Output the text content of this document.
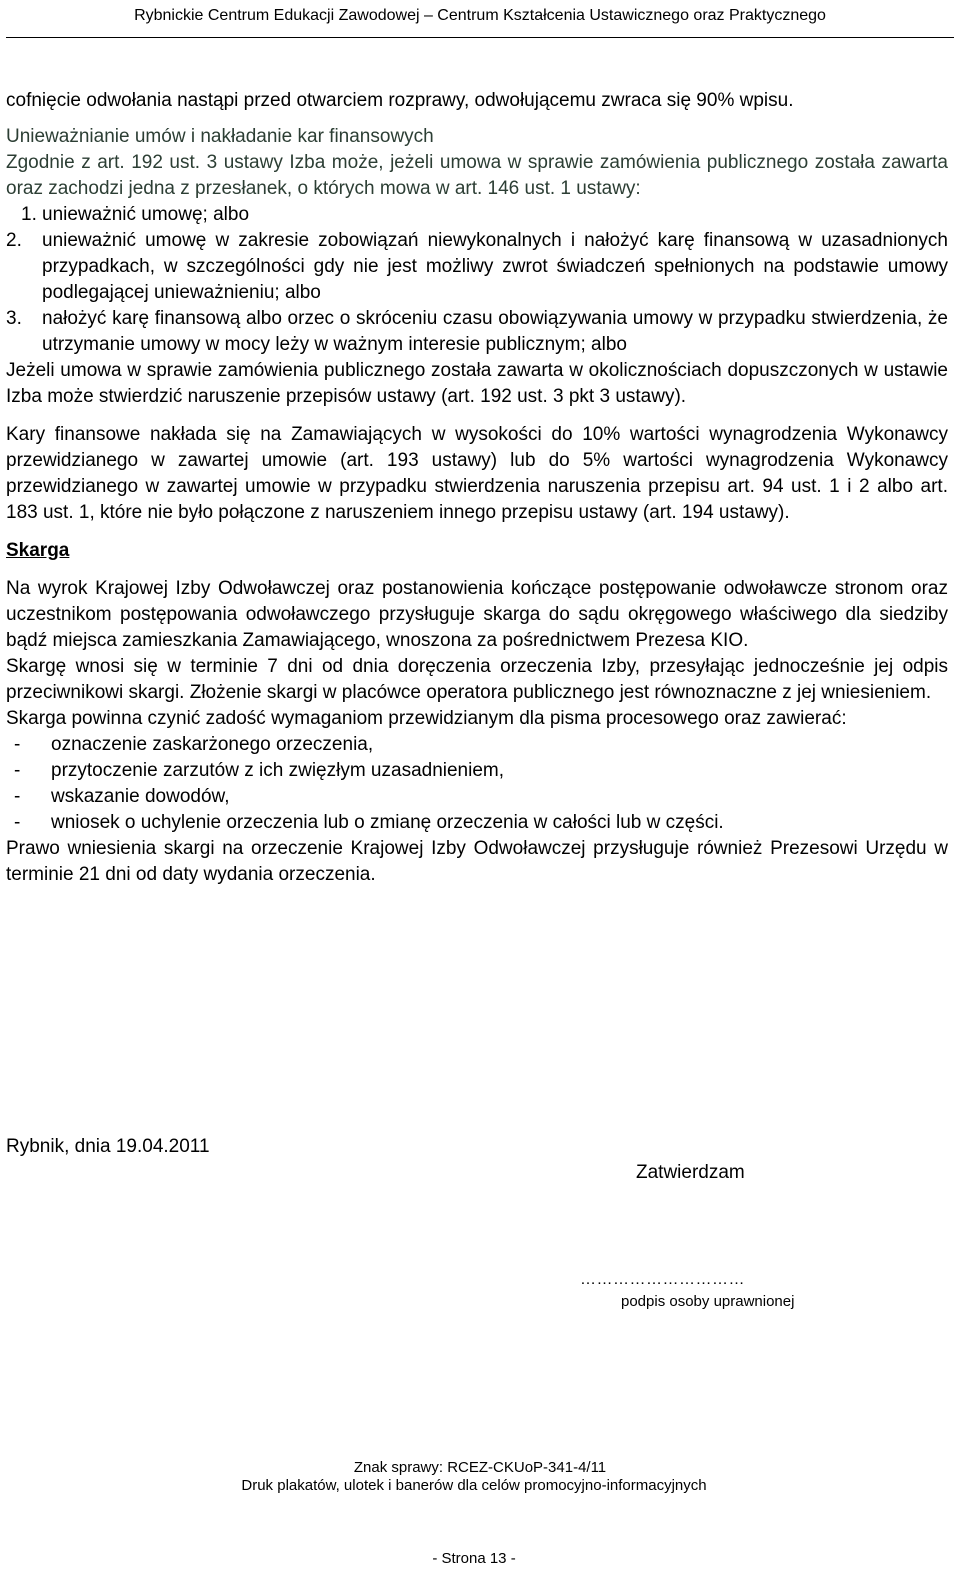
Rybnickie Centrum Edukacji Zawodowej – Centrum Kształcenia Ustawicznego oraz Praktycznego

cofnięcie odwołania nastąpi przed otwarciem rozprawy, odwołującemu zwraca się 90% wpisu.

Unieważnianie umów i nakładanie kar finansowych

Zgodnie z art. 192 ust. 3 ustawy Izba może, jeżeli umowa w sprawie zamówienia publicznego została zawarta oraz zachodzi jedna z przesłanek, o których mowa w art. 146 ust. 1 ustawy:

1. unieważnić umowę; albo
2. unieważnić umowę w zakresie zobowiązań niewykonalnych i nałożyć karę finansową w uzasadnionych przypadkach, w szczególności gdy nie jest możliwy zwrot świadczeń spełnionych na podstawie umowy podlegającej unieważnieniu; albo
3. nałożyć karę finansową albo orzec o skróceniu czasu obowiązywania umowy w przypadku stwierdzenia, że utrzymanie umowy w mocy leży w ważnym interesie publicznym; albo

Jeżeli umowa w sprawie zamówienia publicznego została zawarta w okolicznościach dopuszczonych w ustawie Izba może stwierdzić naruszenie przepisów ustawy (art. 192 ust. 3 pkt 3 ustawy).

Kary finansowe nakłada się na Zamawiających w wysokości do 10% wartości wynagrodzenia Wykonawcy przewidzianego w zawartej umowie (art. 193 ustawy) lub do 5% wartości wynagrodzenia Wykonawcy przewidzianego w zawartej umowie w przypadku stwierdzenia naruszenia przepisu art. 94 ust. 1 i 2 albo art. 183 ust. 1, które nie było połączone z naruszeniem innego przepisu ustawy (art. 194 ustawy).

Skarga

Na wyrok Krajowej Izby Odwoławczej oraz postanowienia kończące postępowanie odwoławcze stronom oraz uczestnikom postępowania odwoławczego przysługuje skarga do sądu okręgowego właściwego dla siedziby bądź miejsca zamieszkania Zamawiającego, wnoszona za pośrednictwem Prezesa KIO.

Skargę wnosi się w terminie 7 dni od dnia doręczenia orzeczenia Izby, przesyłając jednocześnie jej odpis przeciwnikowi skargi. Złożenie skargi w placówce operatora publicznego jest równoznaczne z jej wniesieniem.

Skarga powinna czynić zadość wymaganiom przewidzianym dla pisma procesowego oraz zawierać:

- oznaczenie zaskarżonego orzeczenia,
- przytoczenie zarzutów z ich zwięzłym uzasadnieniem,
- wskazanie dowodów,
- wniosek o uchylenie orzeczenia lub o zmianę orzeczenia w całości lub w części.

Prawo wniesienia skargi na orzeczenie Krajowej Izby Odwoławczej przysługuje również Prezesowi Urzędu w terminie 21 dni od daty wydania orzeczenia.

Rybnik, dnia 19.04.2011
Zatwierdzam
…………………………
podpis osoby uprawnionej
Znak sprawy: RCEZ-CKUoP-341-4/11
Druk plakatów, ulotek i banerów dla celów promocyjno-informacyjnych
- Strona 13 -
